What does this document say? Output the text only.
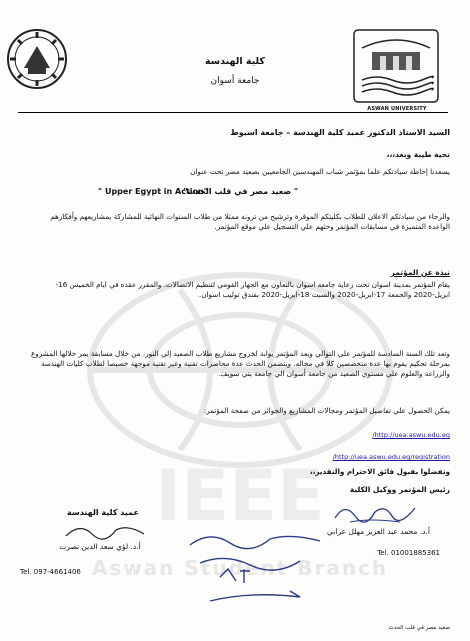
IEEE
Aswan Student Branch
كلية الهندسة
جامعة أسوان
ASWAN UNIVERSITY
السيد الاستاذ الدكتور عميد كلية الهندسة – جامعة اسيوط
تحية طيبة وبعد،،،
يسعدنا إحاطة سيادتكم علما بمؤتمر شباب المهندسين الجامعيين بصعيد مصر تحت عنوان
" صعيد مصر في قلب الحدث"
" Upper Egypt in Action"
والرجاء من سيادتكم الاعلان للطلاب بكليتكم الموقرة وترشيح من ترونه ممثلا من طلاب السنوات النهائية للمشاركة بمشاريعهم وأفكارهم الواعدة المتميزة في مسابقات المؤتمر وحثهم علي التسجيل علي موقع المؤتمر.
نبذة عن المؤتمر
يقام المؤتمر بمدينة اسوان تحت رعاية جامعه اسوان بالتعاون مع الجهاز القومي لتنظيم الاتصالات. والمقرر عقده في ايام الخميس 16-ابريل-2020 والجمعة 17-ابريل-2020 والسبت 18-ابريل-2020 بفندق توليب اسوان.
وتعد تلك السنة السادسة للمؤتمر علي التوالي ويعد المؤتمر بوابة لخروج مشاريع طلاب الصعيد إلي النور. من خلال مسابقة يمر خلالها المشروع بمرحلة تحكيم يقوم بها عدة متخصصين كلا في مجاله. ويتضمن الحدث عدة محاضرات تقنية وغير تقنية موجهة خصيصا لطلاب كليات الهندسة والزراعة والعلوم علي مستوي الصعيد من جامعة أسوان الي جامعة بني سويف.
يمكن الحصول علي تفاصيل المؤتمر ومجالات المشاريع والجوائز من صفحة المؤتمر:
http://uea.aswu.edu.eg/
http://uea.aswu.edu.eg/registration/
وتفضلوا بقبول فائق الاحترام والتقدير،،
رئيس المؤتمر ووكيل الكلية
أ.د. محمد عبد العزيز مهلل عرابي
Tel. 01001885361
عميد كلية الهندسة
أ.د. لؤي سعد الدين نصرت
Tel. 097-4661406
صعيد مصر في قلب الحدث
